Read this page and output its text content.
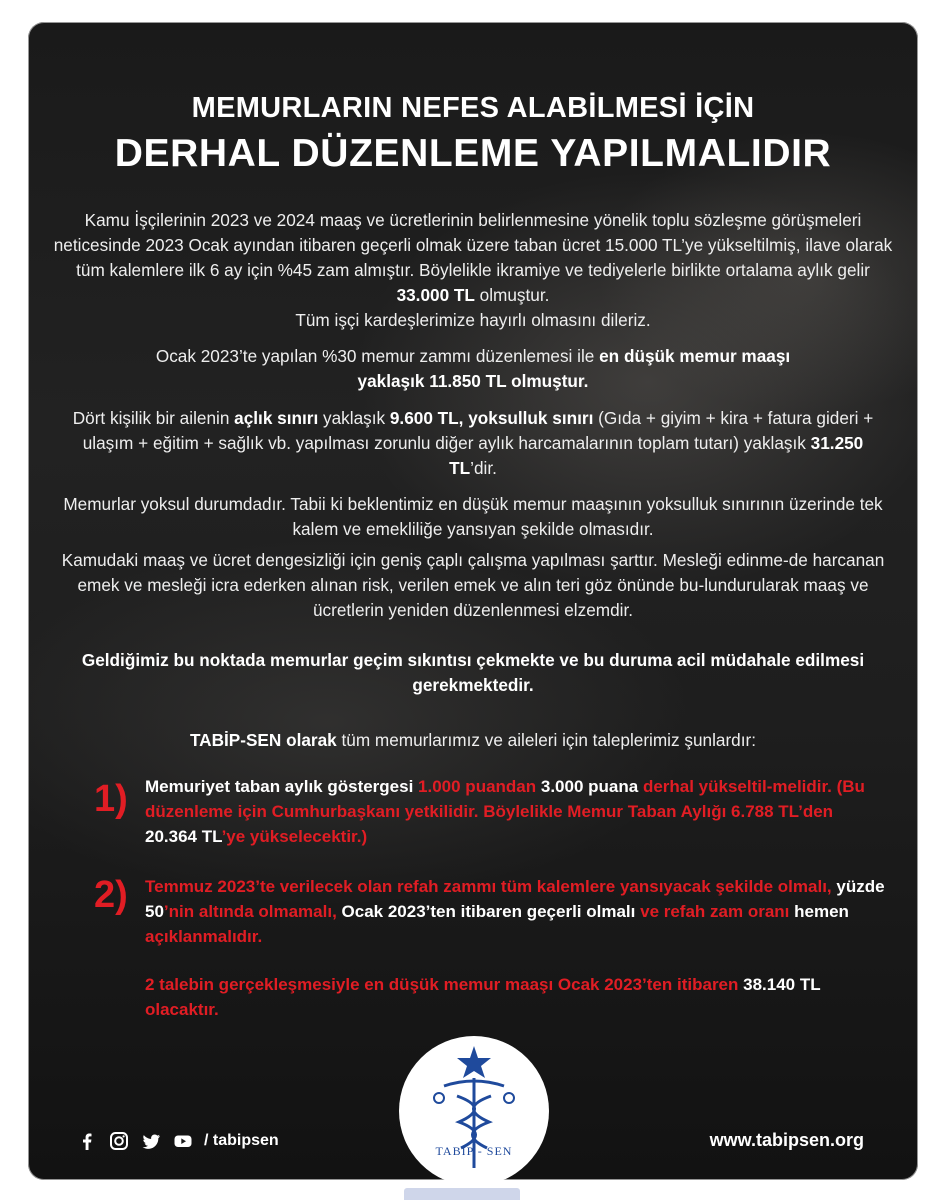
MEMURLARIN NEFES ALABİLMESİ İÇİN
DERHAL DÜZENLEME YAPILMALIDIR
Kamu İşçilerinin 2023 ve 2024 maaş ve ücretlerinin belirlenmesine yönelik toplu sözleşme görüşmeleri neticesinde 2023 Ocak ayından itibaren geçerli olmak üzere taban ücret 15.000 TL’ye yükseltilmiş, ilave olarak tüm kalemlere ilk 6 ay için %45 zam almıştır. Böylelikle ikramiye ve tediyelerle birlikte ortalama aylık gelir 33.000 TL olmuştur.
Tüm işçi kardeşlerimize hayırlı olmasını dileriz.
Ocak 2023’te yapılan %30 memur zammı düzenlemesi ile en düşük memur maaşı yaklaşık 11.850 TL olmuştur.
Dört kişilik bir ailenin açlık sınırı yaklaşık 9.600 TL, yoksulluk sınırı (Gıda + giyim + kira + fatura gideri + ulaşım + eğitim + sağlık vb. yapılması zorunlu diğer aylık harcamalarının toplam tutarı) yaklaşık 31.250 TL’dir.
Memurlar yoksul durumdadır. Tabii ki beklentimiz en düşük memur maaşının yoksulluk sınırının üzerinde tek kalem ve emekliliğe yansıyan şekilde olmasıdır.
Kamudaki maaş ve ücret dengesizliği için geniş çaplı çalışma yapılması şarttır. Mesleği edinme-de harcanan emek ve mesleği icra ederken alınan risk, verilen emek ve alın teri göz önünde bu-lundurularak maaş ve ücretlerin yeniden düzenlenmesi elzemdir.
Geldiğimiz bu noktada memurlar geçim sıkıntısı çekmekte ve bu duruma acil müdahale edilmesi gerekmektedir.
TABİP-SEN olarak tüm memurlarımız ve aileleri için taleplerimiz şunlardır:
1) Memuriyet taban aylık göstergesi 1.000 puandan 3.000 puana derhal yükseltil-melidir. (Bu düzenleme için Cumhurbaşkanı yetkilidir. Böylelikle Memur Taban Aylığı 6.788 TL’den 20.364 TL’ye yükselecektir.)
2) Temmuz 2023’te verilecek olan refah zammı tüm kalemlere yansıyacak şekilde olmalı, yüzde 50’nin altında olmamalı, Ocak 2023’ten itibaren geçerli olmalı ve refah zam oranı hemen açıklanmalıdır.
2 talebin gerçekleşmesiyle en düşük memur maaşı Ocak 2023’ten itibaren 38.140 TL olacaktır.
TABİP - SEN
/ tabipsen	www.tabipsen.org
